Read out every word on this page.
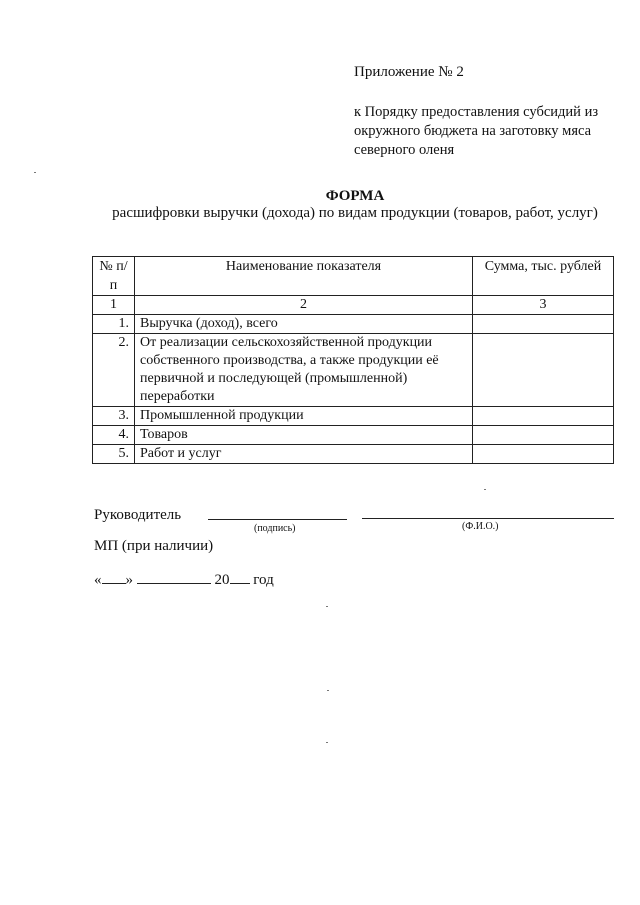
Приложение № 2
к Порядку предоставления субсидий из окружного бюджета на заготовку мяса северного оленя
ФОРМА
расшифровки выручки (дохода) по видам продукции (товаров, работ, услуг)
№ п/п	Наименование показателя	Сумма, тыс. рублей
1	2	3
1.	Выручка (доход), всего	
2.	От реализации сельскохозяйственной продукции собственного производства, а также продукции её первичной и последующей (промышленной) переработки	
3.	Промышленной продукции	
4.	Товаров	
5.	Работ и услуг	
Руководитель
(подпись)	(Ф.И.О.)
МП (при наличии)
« »	20 год
